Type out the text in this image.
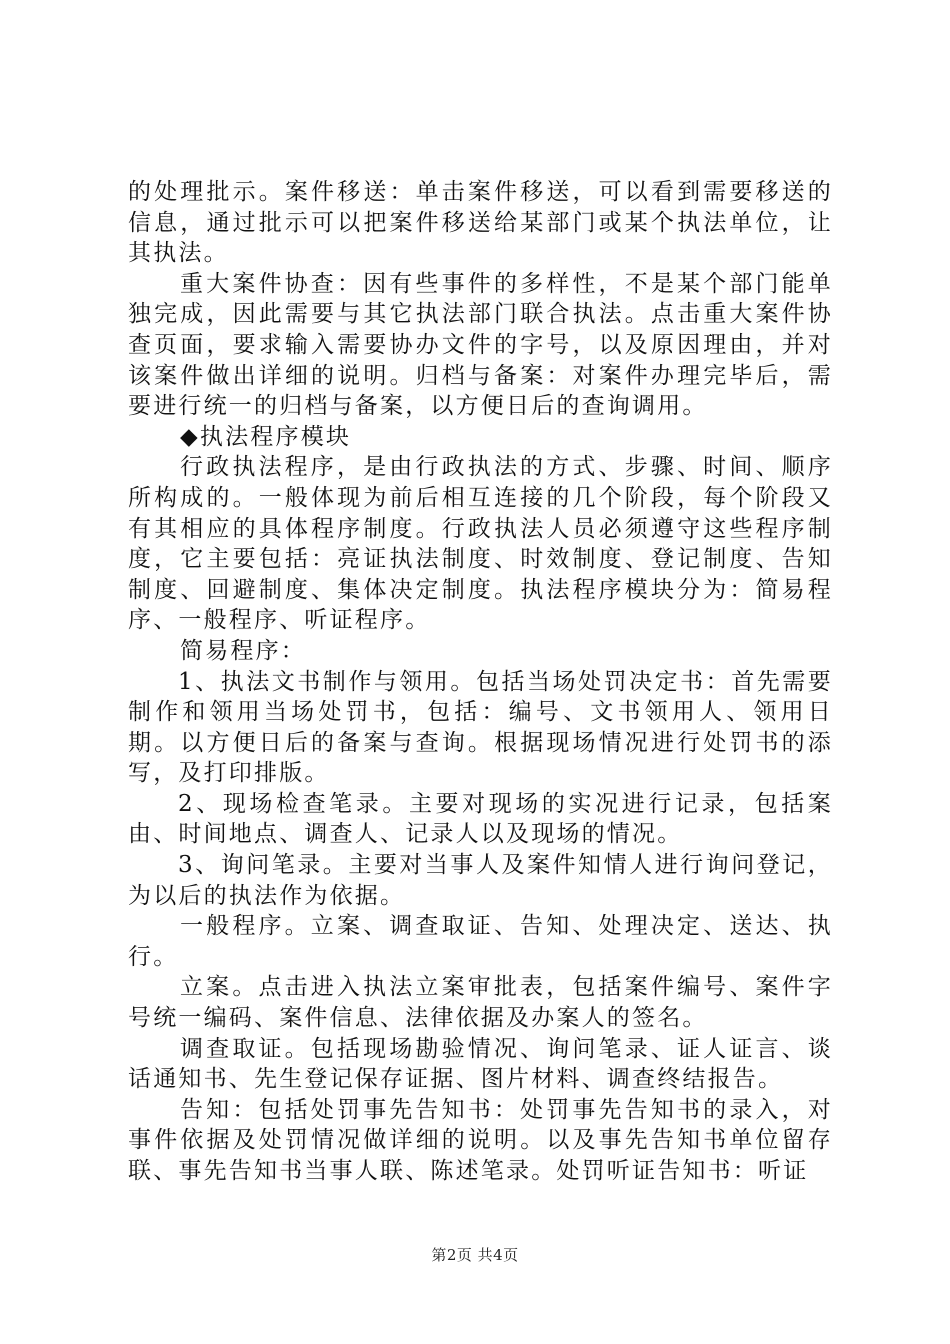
的处理批示。案件移送：单击案件移送，可以看到需要移送的信息，通过批示可以把案件移送给某部门或某个执法单位，让其执法。

重大案件协查：因有些事件的多样性，不是某个部门能单独完成，因此需要与其它执法部门联合执法。点击重大案件协查页面，要求输入需要协办文件的字号，以及原因理由，并对该案件做出详细的说明。归档与备案：对案件办理完毕后，需要进行统一的归档与备案，以方便日后的查询调用。

◆执法程序模块

行政执法程序，是由行政执法的方式、步骤、时间、顺序所构成的。一般体现为前后相互连接的几个阶段，每个阶段又有其相应的具体程序制度。行政执法人员必须遵守这些程序制度，它主要包括：亮证执法制度、时效制度、登记制度、告知制度、回避制度、集体决定制度。执法程序模块分为：简易程序、一般程序、听证程序。

简易程序：

1、执法文书制作与领用。包括当场处罚决定书：首先需要制作和领用当场处罚书，包括：编号、文书领用人、领用日期。以方便日后的备案与查询。根据现场情况进行处罚书的添写，及打印排版。

2、现场检查笔录。主要对现场的实况进行记录，包括案由、时间地点、调查人、记录人以及现场的情况。

3、询问笔录。主要对当事人及案件知情人进行询问登记，为以后的执法作为依据。

一般程序。立案、调查取证、告知、处理决定、送达、执行。

立案。点击进入执法立案审批表，包括案件编号、案件字号统一编码、案件信息、法律依据及办案人的签名。

调查取证。包括现场勘验情况、询问笔录、证人证言、谈话通知书、先生登记保存证据、图片材料、调查终结报告。

告知：包括处罚事先告知书：处罚事先告知书的录入，对事件依据及处罚情况做详细的说明。以及事先告知书单位留存联、事先告知书当事人联、陈述笔录。处罚听证告知书：听证

第2页 共4页
